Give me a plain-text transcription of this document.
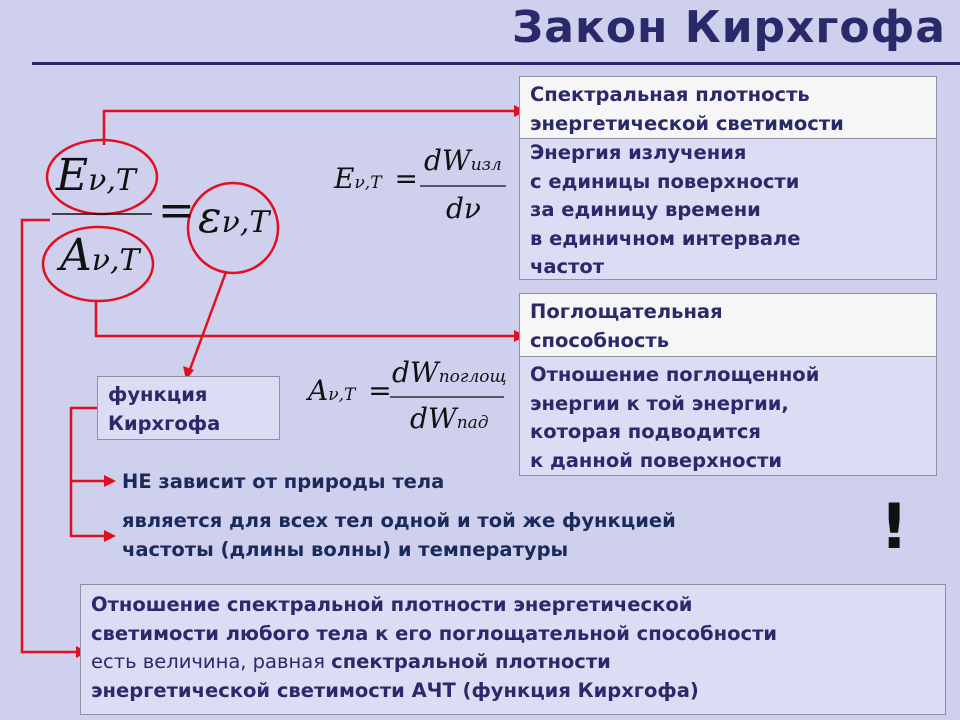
Закон Кирхгофа
Eν,T
Aν,T
= εν,T
Eν,T =
dWизл
dν
Aν,T =
dWпоглощ
dWпад
Спектральная плотность
энергетической светимости
Энергия излучения
с единицы поверхности
за единицу времени
в единичном интервале
частот
Поглощательная
способность
Отношение поглощенной
энергии к той энергии,
которая подводится
к данной поверхности
функция
Кирхгофа
НЕ зависит от природы тела
является для всех тел одной и той же функцией
частоты (длины волны) и температуры	!
Отношение спектральной плотности энергетической
светимости любого тела к его поглощательной способности
есть величина, равная спектральной плотности
энергетической светимости АЧТ (функция Кирхгофа)
